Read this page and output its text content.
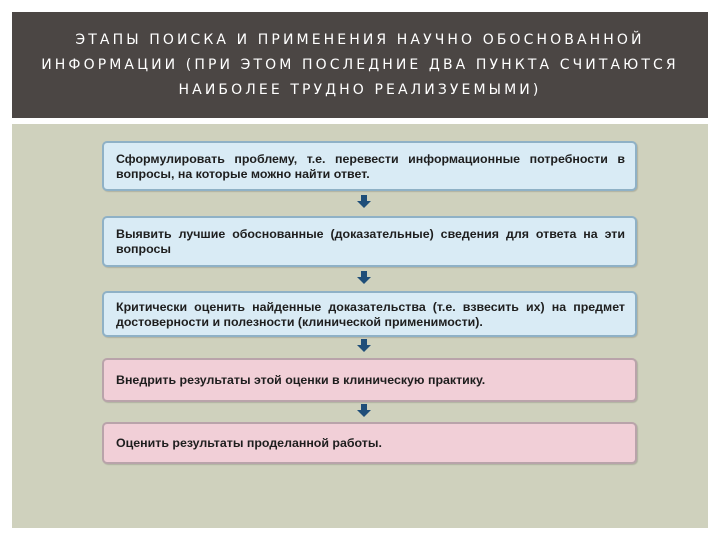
ЭТАПЫ ПОИСКА И ПРИМЕНЕНИЯ НАУЧНО ОБОСНОВАННОЙ ИНФОРМАЦИИ (ПРИ ЭТОМ ПОСЛЕДНИЕ ДВА ПУНКТА СЧИТАЮТСЯ НАИБОЛЕЕ ТРУДНО РЕАЛИЗУЕМЫМИ)
Сформулировать проблему, т.е. перевести информационные потребности в вопросы, на которые можно найти ответ.
Выявить лучшие обоснованные (доказательные) сведения для ответа на эти вопросы
Критически оценить найденные доказательства (т.е. взвесить их) на предмет достоверности и полезности (клинической применимости).
Внедрить результаты этой оценки в клиническую практику.
Оценить результаты проделанной работы.
